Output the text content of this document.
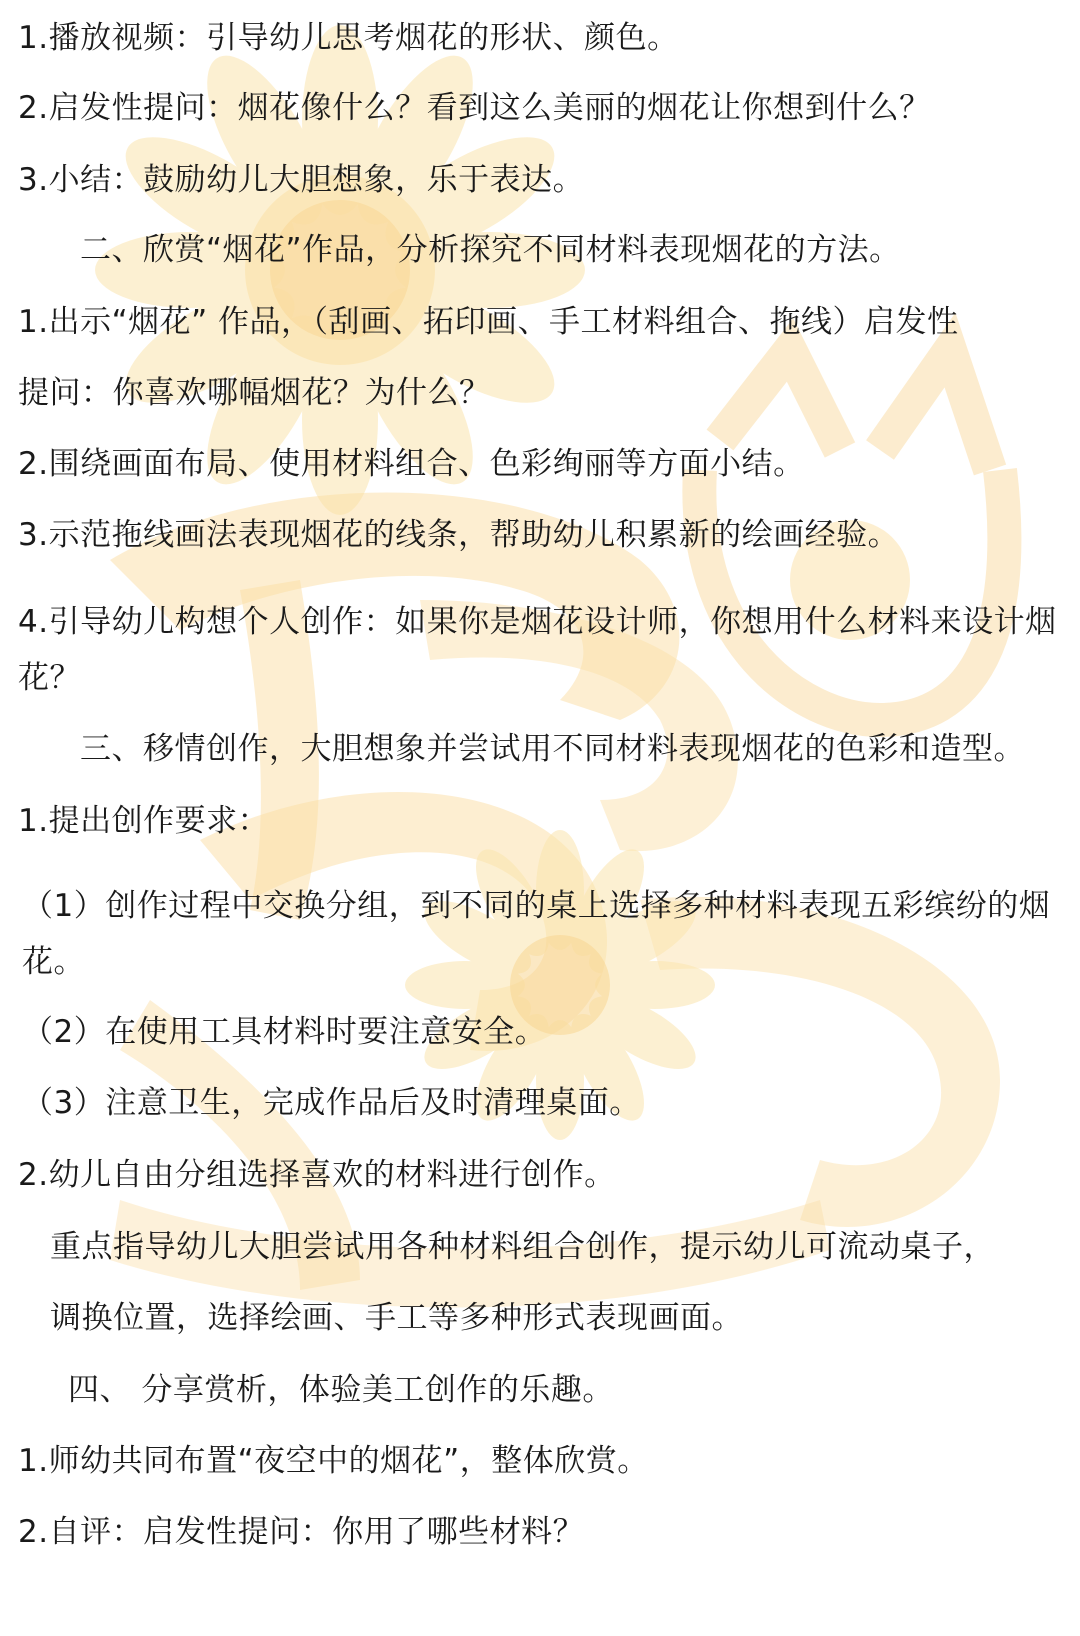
1.播放视频：引导幼儿思考烟花的形状、颜色。

2.启发性提问：烟花像什么？看到这么美丽的烟花让你想到什么？

3.小结：鼓励幼儿大胆想象，乐于表达。

二、欣赏“烟花”作品，分析探究不同材料表现烟花的方法。

1.出示“烟花” 作品，（刮画、拓印画、手工材料组合、拖线）启发性

提问：你喜欢哪幅烟花？为什么？

2.围绕画面布局、使用材料组合、色彩绚丽等方面小结。

3.示范拖线画法表现烟花的线条，帮助幼儿积累新的绘画经验。

4.引导幼儿构想个人创作：如果你是烟花设计师，你想用什么材料来设计烟花？

三、移情创作，大胆想象并尝试用不同材料表现烟花的色彩和造型。

1.提出创作要求：

（1）创作过程中交换分组，到不同的桌上选择多种材料表现五彩缤纷的烟花。

（2）在使用工具材料时要注意安全。

（3）注意卫生，完成作品后及时清理桌面。

2.幼儿自由分组选择喜欢的材料进行创作。

重点指导幼儿大胆尝试用各种材料组合创作，提示幼儿可流动桌子，

调换位置，选择绘画、手工等多种形式表现画面。

四、 分享赏析，体验美工创作的乐趣。

1.师幼共同布置“夜空中的烟花”，整体欣赏。

2.自评：启发性提问：你用了哪些材料？
